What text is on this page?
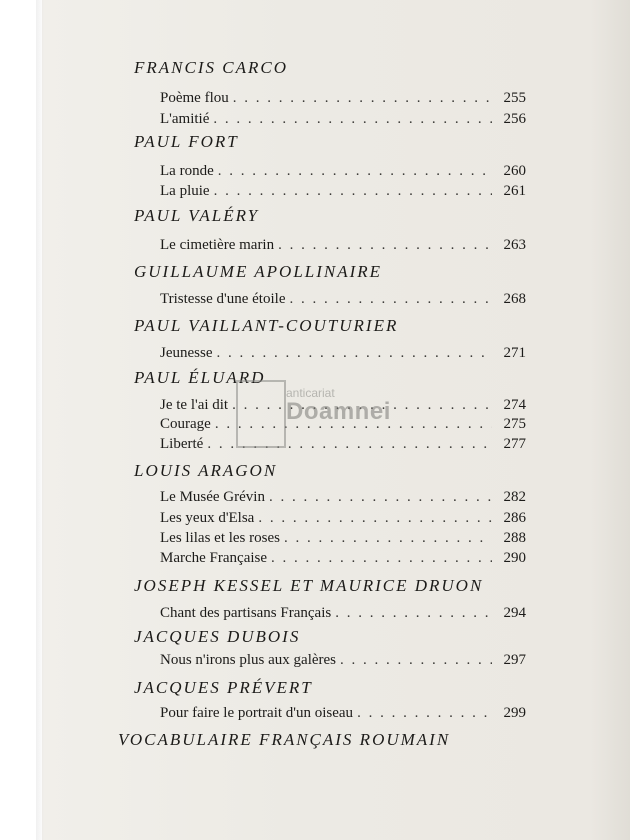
FRANCIS CARCO
Poème flou . . .	255
L'amitié . . .	256
PAUL FORT
La ronde . . .	260
La pluie . . .	261
PAUL VALÉRY
Le cimetière marin . . .	263
GUILLAUME APOLLINAIRE
Tristesse d'une étoile . . .	268
PAUL VAILLANT-COUTURIER
Jeunesse . . .	271
PAUL ÉLUARD
Je te l'ai dit . . .	274
Courage . . .	275
Liberté . . .	277
LOUIS ARAGON
Le Musée Grévin . . .	282
Les yeux d'Elsa . . .	286
Les lilas et les roses . . .	288
Marche Française . . .	290
JOSEPH KESSEL ET MAURICE DRUON
Chant des partisans Français . . .	294
JACQUES DUBOIS
Nous n'irons plus aux galères . . .	297
JACQUES PRÉVERT
Pour faire le portrait d'un oiseau . . .	299
VOCABULAIRE FRANÇAIS ROUMAIN
anticariat
Doamnei
